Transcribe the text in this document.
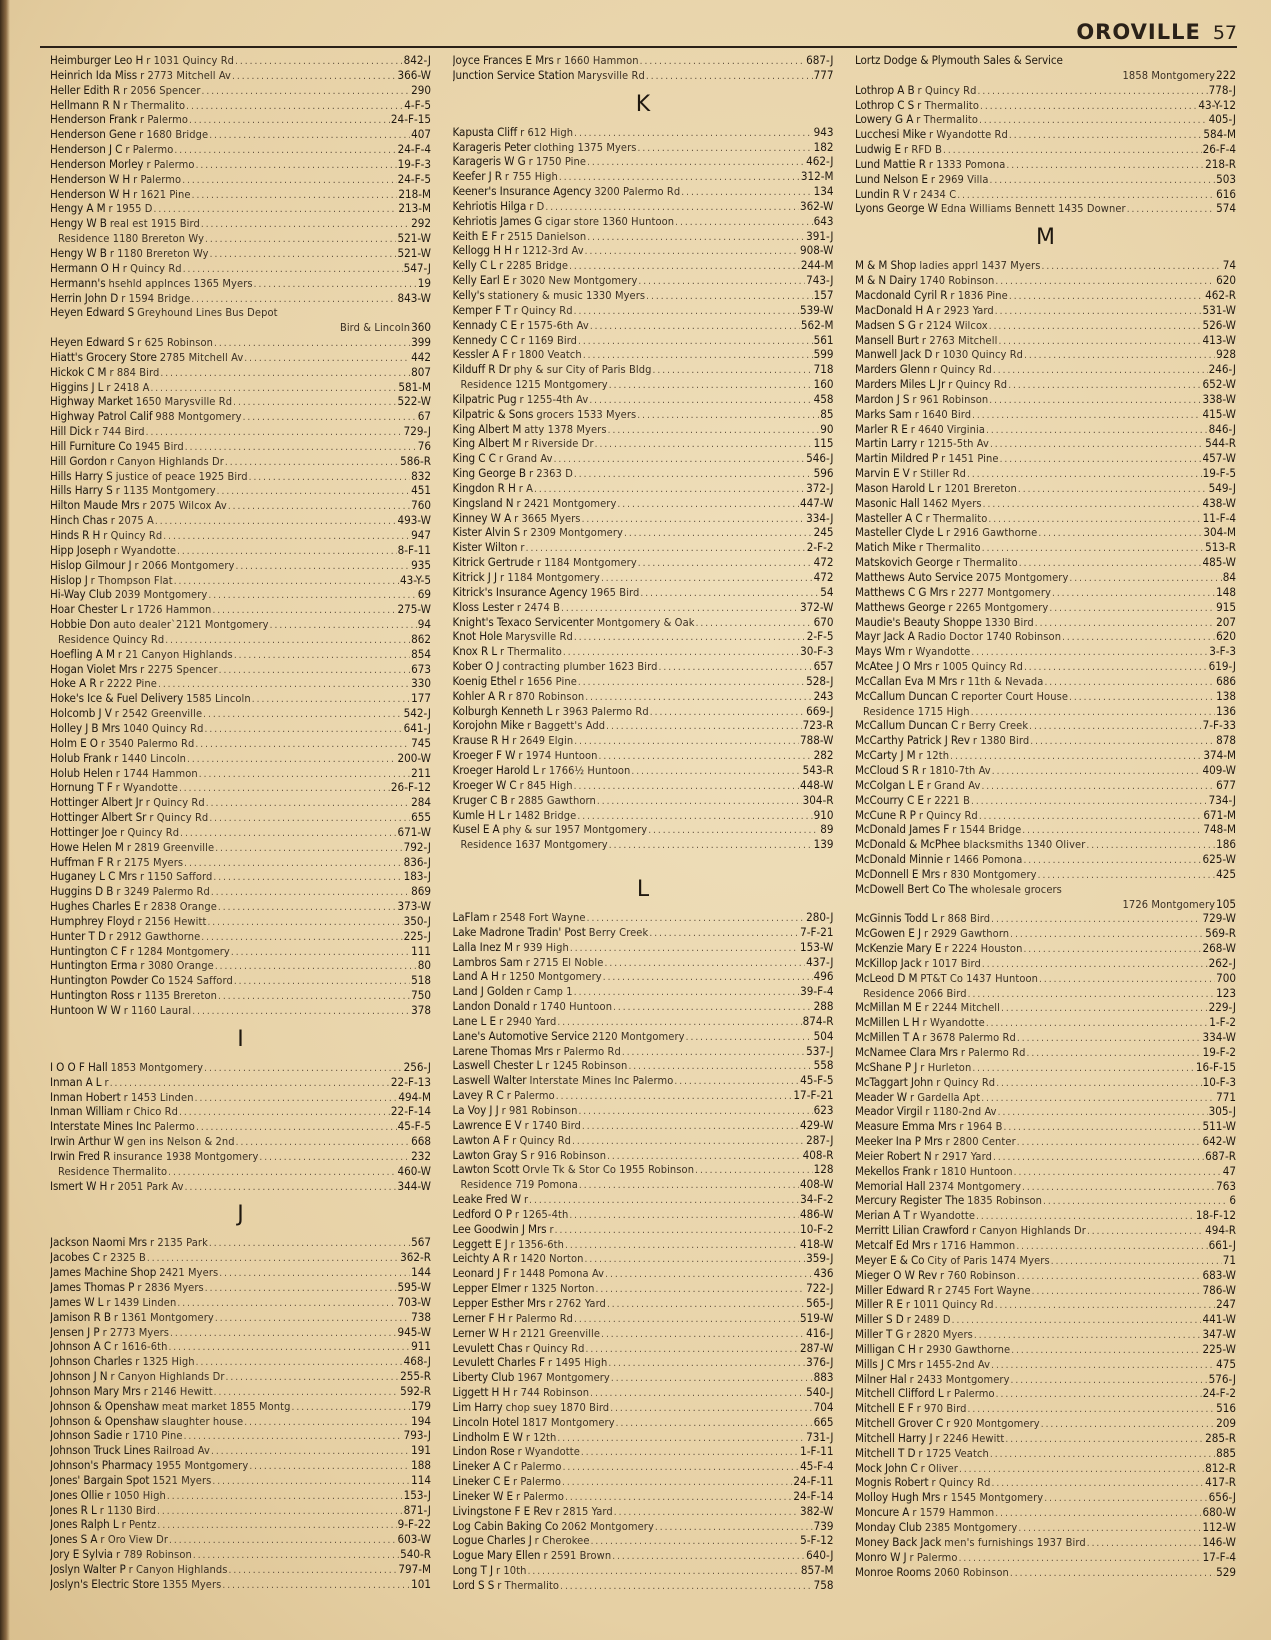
OROVILLE 57
Heimburger Leo H r 1031 Quincy Rd .....	842-J
Heinrich Ida Miss r 2773 Mitchell Av .....	366-W
Heller Edith R r 2056 Spencer .....	290
Hellmann R N r Thermalito .....	4-F-5
Henderson Frank r Palermo .....	24-F-15
Henderson Gene r 1680 Bridge .....	407
Henderson J C r Palermo .....	24-F-4
Henderson Morley r Palermo .....	19-F-3
Henderson W H r Palermo .....	24-F-5
Henderson W H r 1621 Pine .....	218-M
Hengy A M r 1955 D .....	213-M
Hengy W B real est 1915 Bird .....	292
Residence 1180 Brereton Wy .....	521-W
Hengy W B r 1180 Brereton Wy .....	521-W
Hermann O H r Quincy Rd .....	547-J
Hermann's hsehld applnces 1365 Myers .....	19
Herrin John D r 1594 Bridge .....	843-W
Heyen Edward S Greyhound Lines Bus Depot
Bird & Lincoln 360
Heyen Edward S r 625 Robinson .....	399
Hiatt's Grocery Store 2785 Mitchell Av .....	442
Hickok C M r 884 Bird .....	807
Higgins J L r 2418 A .....	581-M
Highway Market 1650 Marysville Rd .....	522-W
Highway Patrol Calif 988 Montgomery .....	67
Hill Dick r 744 Bird .....	729-J
Hill Furniture Co 1945 Bird .....	76
Hill Gordon r Canyon Highlands Dr .....	586-R
Hills Harry S justice of peace 1925 Bird .....	832
Hills Harry S r 1135 Montgomery .....	451
Hilton Maude Mrs r 2075 Wilcox Av .....	760
Hinch Chas r 2075 A .....	493-W
Hinds R H r Quincy Rd .....	947
Hipp Joseph r Wyandotte .....	8-F-11
Hislop Gilmour J r 2066 Montgomery .....	935
Hislop J r Thompson Flat .....	43-Y-5
Hi-Way Club 2039 Montgomery .....	69
Hoar Chester L r 1726 Hammon .....	275-W
Hobbie Don auto dealer`2121 Montgomery .....	94
Residence Quincy Rd .....	862
Hoefling A M r 21 Canyon Highlands .....	854
Hogan Violet Mrs r 2275 Spencer .....	673
Hoke A R r 2222 Pine .....	330
Hoke's Ice & Fuel Delivery 1585 Lincoln .....	177
Holcomb J V r 2542 Greenville .....	542-J
Holley J B Mrs 1040 Quincy Rd .....	641-J
Holm E O r 3540 Palermo Rd .....	745
Holub Frank r 1440 Lincoln .....	200-W
Holub Helen r 1744 Hammon .....	211
Hornung T F r Wyandotte .....	26-F-12
Hottinger Albert Jr r Quincy Rd .....	284
Hottinger Albert Sr r Quincy Rd .....	655
Hottinger Joe r Quincy Rd .....	671-W
Howe Helen M r 2819 Greenville .....	792-J
Huffman F R r 2175 Myers .....	836-J
Huganey L C Mrs r 1150 Safford .....	183-J
Huggins D B r 3249 Palermo Rd .....	869
Hughes Charles E r 2838 Orange .....	373-W
Humphrey Floyd r 2156 Hewitt .....	350-J
Hunter T D r 2912 Gawthorne .....	225-J
Huntington C F r 1284 Montgomery .....	111
Huntington Erma r 3080 Orange .....	80
Huntington Powder Co 1524 Safford .....	518
Huntington Ross r 1135 Brereton .....	750
Huntoon W W r 1160 Laural .....	378
I
I O O F Hall 1853 Montgomery .....	256-J
Inman A L r .....	22-F-13
Inman Hobert r 1453 Linden .....	494-M
Inman William r Chico Rd .....	22-F-14
Interstate Mines Inc Palermo .....	45-F-5
Irwin Arthur W gen ins Nelson & 2nd .....	668
Irwin Fred R insurance 1938 Montgomery .....	232
Residence Thermalito .....	460-W
Ismert W H r 2051 Park Av .....	344-W
J
Jackson Naomi Mrs r 2135 Park .....	567
Jacobes C r 2325 B .....	362-R
James Machine Shop 2421 Myers .....	144
James Thomas P r 2836 Myers .....	595-W
James W L r 1439 Linden .....	703-W
Jamison R B r 1361 Montgomery .....	738
Jensen J P r 2773 Myers .....	945-W
Johnson A C r 1616-6th .....	911
Johnson Charles r 1325 High .....	468-J
Johnson J N r Canyon Highlands Dr .....	255-R
Johnson Mary Mrs r 2146 Hewitt .....	592-R
Johnson & Openshaw meat market 1855 Montg .....	179
Johnson & Openshaw slaughter house .....	194
Johnson Sadie r 1710 Pine .....	793-J
Johnson Truck Lines Railroad Av .....	191
Johnson's Pharmacy 1955 Montgomery .....	188
Jones' Bargain Spot 1521 Myers .....	114
Jones Ollie r 1050 High .....	153-J
Jones R L r 1130 Bird .....	871-J
Jones Ralph L r Pentz .....	9-F-22
Jones S A r Oro View Dr .....	603-W
Jory E Sylvia r 789 Robinson .....	540-R
Joslyn Walter P r Canyon Highlands .....	797-M
Joslyn's Electric Store 1355 Myers .....	101
Joyce Frances E Mrs r 1660 Hammon .....	687-J
Junction Service Station Marysville Rd .....	777
K
Kapusta Cliff r 612 High .....	943
Karageris Peter clothing 1375 Myers .....	182
Karageris W G r 1750 Pine .....	462-J
Keefer J R r 755 High .....	312-M
Keener's Insurance Agency 3200 Palermo Rd .....	134
Kehriotis Hilga r D .....	362-W
Kehriotis James G cigar store 1360 Huntoon .....	643
Keith E F r 2515 Danielson .....	391-J
Kellogg H H r 1212-3rd Av .....	908-W
Kelly C L r 2285 Bridge .....	244-M
Kelly Earl E r 3020 New Montgomery .....	743-J
Kelly's stationery & music 1330 Myers .....	157
Kemper F T r Quincy Rd .....	539-W
Kennady C E r 1575-6th Av .....	562-M
Kennedy C C r 1169 Bird .....	561
Kessler A F r 1800 Veatch .....	599
Kilduff R Dr phy & sur City of Paris Bldg .....	718
Residence 1215 Montgomery .....	160
Kilpatric Pug r 1255-4th Av .....	458
Kilpatric & Sons grocers 1533 Myers .....	85
King Albert M atty 1378 Myers .....	90
King Albert M r Riverside Dr .....	115
King C C r Grand Av .....	546-J
King George B r 2363 D .....	596
Kingdon R H r A .....	372-J
Kingsland N r 2421 Montgomery .....	447-W
Kinney W A r 3665 Myers .....	334-J
Kister Alvin S r 2309 Montgomery .....	245
Kister Wilton r .....	2-F-2
Kitrick Gertrude r 1184 Montgomery .....	472
Kitrick J J r 1184 Montgomery .....	472
Kitrick's Insurance Agency 1965 Bird .....	54
Kloss Lester r 2474 B .....	372-W
Knight's Texaco Servicenter Montgomery & Oak .....	670
Knot Hole Marysville Rd .....	2-F-5
Knox R L r Thermalito .....	30-F-3
Kober O J contracting plumber 1623 Bird .....	657
Koenig Ethel r 1656 Pine .....	528-J
Kohler A R r 870 Robinson .....	243
Kolburgh Kenneth L r 3963 Palermo Rd .....	669-J
Korojohn Mike r Baggett's Add .....	723-R
Krause R H r 2649 Elgin .....	788-W
Kroeger F W r 1974 Huntoon .....	282
Kroeger Harold L r 1766½ Huntoon .....	543-R
Kroeger W C r 845 High .....	448-W
Kruger C B r 2885 Gawthorn .....	304-R
Kumle H L r 1482 Bridge .....	910
Kusel E A phy & sur 1957 Montgomery .....	89
Residence 1637 Montgomery .....	139
L
LaFlam r 2548 Fort Wayne .....	280-J
Lake Madrone Tradin' Post Berry Creek .....	7-F-21
Lalla Inez M r 939 High .....	153-W
Lambros Sam r 2715 El Noble .....	437-J
Land A H r 1250 Montgomery .....	496
Land J Golden r Camp 1 .....	39-F-4
Landon Donald r 1740 Huntoon .....	288
Lane L E r 2940 Yard .....	874-R
Lane's Automotive Service 2120 Montgomery .....	504
Larene Thomas Mrs r Palermo Rd .....	537-J
Laswell Chester L r 1245 Robinson .....	558
Laswell Walter Interstate Mines Inc Palermo .....	45-F-5
Lavey R C r Palermo .....	17-F-21
La Voy J J r 981 Robinson .....	623
Lawrence E V r 1740 Bird .....	429-W
Lawton A F r Quincy Rd .....	287-J
Lawton Gray S r 916 Robinson .....	408-R
Lawton Scott Orvle Tk & Stor Co 1955 Robinson .....	128
Residence 719 Pomona .....	408-W
Leake Fred W r .....	34-F-2
Ledford O P r 1265-4th .....	486-W
Lee Goodwin J Mrs r .....	10-F-2
Leggett E J r 1356-6th .....	418-W
Leichty A R r 1420 Norton .....	359-J
Leonard J F r 1448 Pomona Av .....	436
Lepper Elmer r 1325 Norton .....	722-J
Lepper Esther Mrs r 2762 Yard .....	565-J
Lerner F H r Palermo Rd .....	519-W
Lerner W H r 2121 Greenville .....	416-J
Levulett Chas r Quincy Rd .....	287-W
Levulett Charles F r 1495 High .....	376-J
Liberty Club 1967 Montgomery .....	883
Liggett H H r 744 Robinson .....	540-J
Lim Harry chop suey 1870 Bird .....	704
Lincoln Hotel 1817 Montgomery .....	665
Lindholm E W r 12th .....	731-J
Lindon Rose r Wyandotte .....	1-F-11
Lineker A C r Palermo .....	45-F-4
Lineker C E r Palermo .....	24-F-11
Lineker W E r Palermo .....	24-F-14
Livingstone F E Rev r 2815 Yard .....	382-W
Log Cabin Baking Co 2062 Montgomery .....	739
Logue Charles J r Cherokee .....	5-F-12
Logue Mary Ellen r 2591 Brown .....	640-J
Long T J r 10th .....	857-M
Lord S S r Thermalito .....	758
Lortz Dodge & Plymouth Sales & Service
1858 Montgomery 222
Lothrop A B r Quincy Rd .....	778-J
Lothrop C S r Thermalito .....	43-Y-12
Lowery G A r Thermalito .....	405-J
Lucchesi Mike r Wyandotte Rd .....	584-M
Ludwig E r RFD B .....	26-F-4
Lund Mattie R r 1333 Pomona .....	218-R
Lund Nelson E r 2969 Villa .....	503
Lundin R V r 2434 C .....	616
Lyons George W Edna Williams Bennett 1435 Downer .....	574
M
M & M Shop ladies apprl 1437 Myers .....	74
M & N Dairy 1740 Robinson .....	620
Macdonald Cyril R r 1836 Pine .....	462-R
MacDonald H A r 2923 Yard .....	531-W
Madsen S G r 2124 Wilcox .....	526-W
Mansell Burt r 2763 Mitchell .....	413-W
Manwell Jack D r 1030 Quincy Rd .....	928
Marders Glenn r Quincy Rd .....	246-J
Marders Miles L Jr r Quincy Rd .....	652-W
Mardon J S r 961 Robinson .....	338-W
Marks Sam r 1640 Bird .....	415-W
Marler R E r 4640 Virginia .....	846-J
Martin Larry r 1215-5th Av .....	544-R
Martin Mildred P r 1451 Pine .....	457-W
Marvin E V r Stiller Rd .....	19-F-5
Mason Harold L r 1201 Brereton .....	549-J
Masonic Hall 1462 Myers .....	438-W
Masteller A C r Thermalito .....	11-F-4
Masteller Clyde L r 2916 Gawthorne .....	304-M
Matich Mike r Thermalito .....	513-R
Matskovich George r Thermalito .....	485-W
Matthews Auto Service 2075 Montgomery .....	84
Matthews C G Mrs r 2277 Montgomery .....	148
Matthews George r 2265 Montgomery .....	915
Maudie's Beauty Shoppe 1330 Bird .....	207
Mayr Jack A Radio Doctor 1740 Robinson .....	620
Mays Wm r Wyandotte .....	3-F-3
McAtee J O Mrs r 1005 Quincy Rd .....	619-J
McCallan Eva M Mrs r 11th & Nevada .....	686
McCallum Duncan C reporter Court House .....	138
Residence 1715 High .....	136
McCallum Duncan C r Berry Creek .....	7-F-33
McCarthy Patrick J Rev r 1380 Bird .....	878
McCarty J M r 12th .....	374-M
McCloud S R r 1810-7th Av .....	409-W
McColgan L E r Grand Av .....	677
McCourry C E r 2221 B .....	734-J
McCune R P r Quincy Rd .....	671-M
McDonald James F r 1544 Bridge .....	748-M
McDonald & McPhee blacksmiths 1340 Oliver .....	186
McDonald Minnie r 1466 Pomona .....	625-W
McDonnell E Mrs r 830 Montgomery .....	425
McDowell Bert Co The wholesale grocers
1726 Montgomery 105
McGinnis Todd L r 868 Bird .....	729-W
McGowen E J r 2929 Gawthorn .....	569-R
McKenzie Mary E r 2224 Houston .....	268-W
McKillop Jack r 1017 Bird .....	262-J
McLeod D M PT&T Co 1437 Huntoon .....	700
Residence 2066 Bird .....	123
McMillan M E r 2244 Mitchell .....	229-J
McMillen L H r Wyandotte .....	1-F-2
McMillen T A r 3678 Palermo Rd .....	334-W
McNamee Clara Mrs r Palermo Rd .....	19-F-2
McShane P J r Hurleton .....	16-F-15
McTaggart John r Quincy Rd .....	10-F-3
Meader W r Gardella Apt .....	771
Meador Virgil r 1180-2nd Av .....	305-J
Measure Emma Mrs r 1964 B .....	511-W
Meeker Ina P Mrs r 2800 Center .....	642-W
Meier Robert N r 2917 Yard .....	687-R
Mekellos Frank r 1810 Huntoon .....	47
Memorial Hall 2374 Montgomery .....	763
Mercury Register The 1835 Robinson .....	6
Merian A T r Wyandotte .....	18-F-12
Merritt Lilian Crawford r Canyon Highlands Dr .....	494-R
Metcalf Ed Mrs r 1716 Hammon .....	661-J
Meyer E & Co City of Paris 1474 Myers .....	71
Mieger O W Rev r 760 Robinson .....	683-W
Miller Edward R r 2745 Fort Wayne .....	786-W
Miller R E r 1011 Quincy Rd .....	247
Miller S D r 2489 D .....	441-W
Miller T G r 2820 Myers .....	347-W
Milligan C H r 2930 Gawthorne .....	225-W
Mills J C Mrs r 1455-2nd Av .....	475
Milner Hal r 2433 Montgomery .....	576-J
Mitchell Clifford L r Palermo .....	24-F-2
Mitchell E F r 970 Bird .....	516
Mitchell Grover C r 920 Montgomery .....	209
Mitchell Harry J r 2246 Hewitt .....	285-R
Mitchell T D r 1725 Veatch .....	885
Mock John C r Oliver .....	812-R
Mognis Robert r Quincy Rd .....	417-R
Molloy Hugh Mrs r 1545 Montgomery .....	656-J
Moncure A r 1579 Hammon .....	680-W
Monday Club 2385 Montgomery .....	112-W
Money Back Jack men's furnishings 1937 Bird .....	146-W
Monro W J r Palermo .....	17-F-4
Monroe Rooms 2060 Robinson .....	529
